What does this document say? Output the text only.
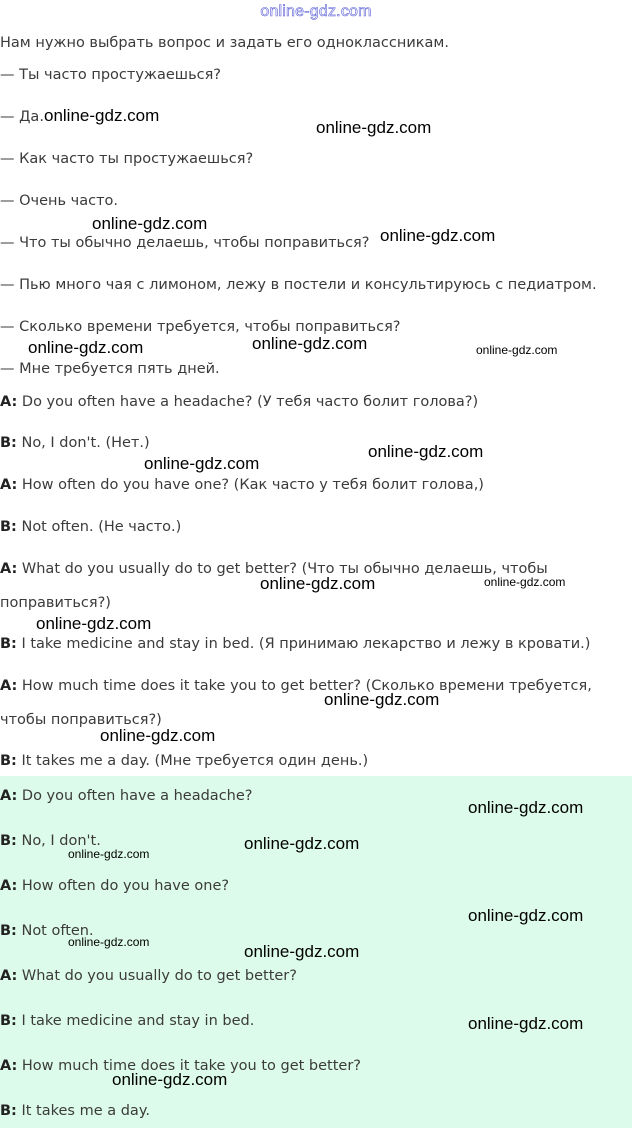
online-gdz.com
Нам нужно выбрать вопрос и задать его одноклассникам.
— Ты часто простужаешься?
— Да.
— Как часто ты простужаешься?
— Очень часто.
— Что ты обычно делаешь, чтобы поправиться?
— Пью много чая с лимоном, лежу в постели и консультируюсь с педиатром.
— Сколько времени требуется, чтобы поправиться?
— Мне требуется пять дней.
A: Do you often have a headache? (У тебя часто болит голова?)
B: No, I don't. (Нет.)
A: How often do you have one? (Как часто у тебя болит голова,)
B: Not often. (Не часто.)
A: What do you usually do to get better? (Что ты обычно делаешь, чтобы
поправиться?)
B: I take medicine and stay in bed. (Я принимаю лекарство и лежу в кровати.)
A: How much time does it take you to get better? (Сколько времени требуется,
чтобы поправиться?)
B: It takes me a day. (Мне требуется один день.)
A: Do you often have a headache?
B: No, I don't.
A: How often do you have one?
B: Not often.
A: What do you usually do to get better?
B: I take medicine and stay in bed.
A: How much time does it take you to get better?
B: It takes me a day.
online-gdz.com
online-gdz.com
online-gdz.com
online-gdz.com
online-gdz.com	online-gdz.com	online-gdz.com
online-gdz.com
online-gdz.com
online-gdz.com	online-gdz.com
online-gdz.com
online-gdz.com
online-gdz.com
online-gdz.com
online-gdz.com
online-gdz.com
online-gdz.com
online-gdz.com	online-gdz.com
online-gdz.com
online-gdz.com
